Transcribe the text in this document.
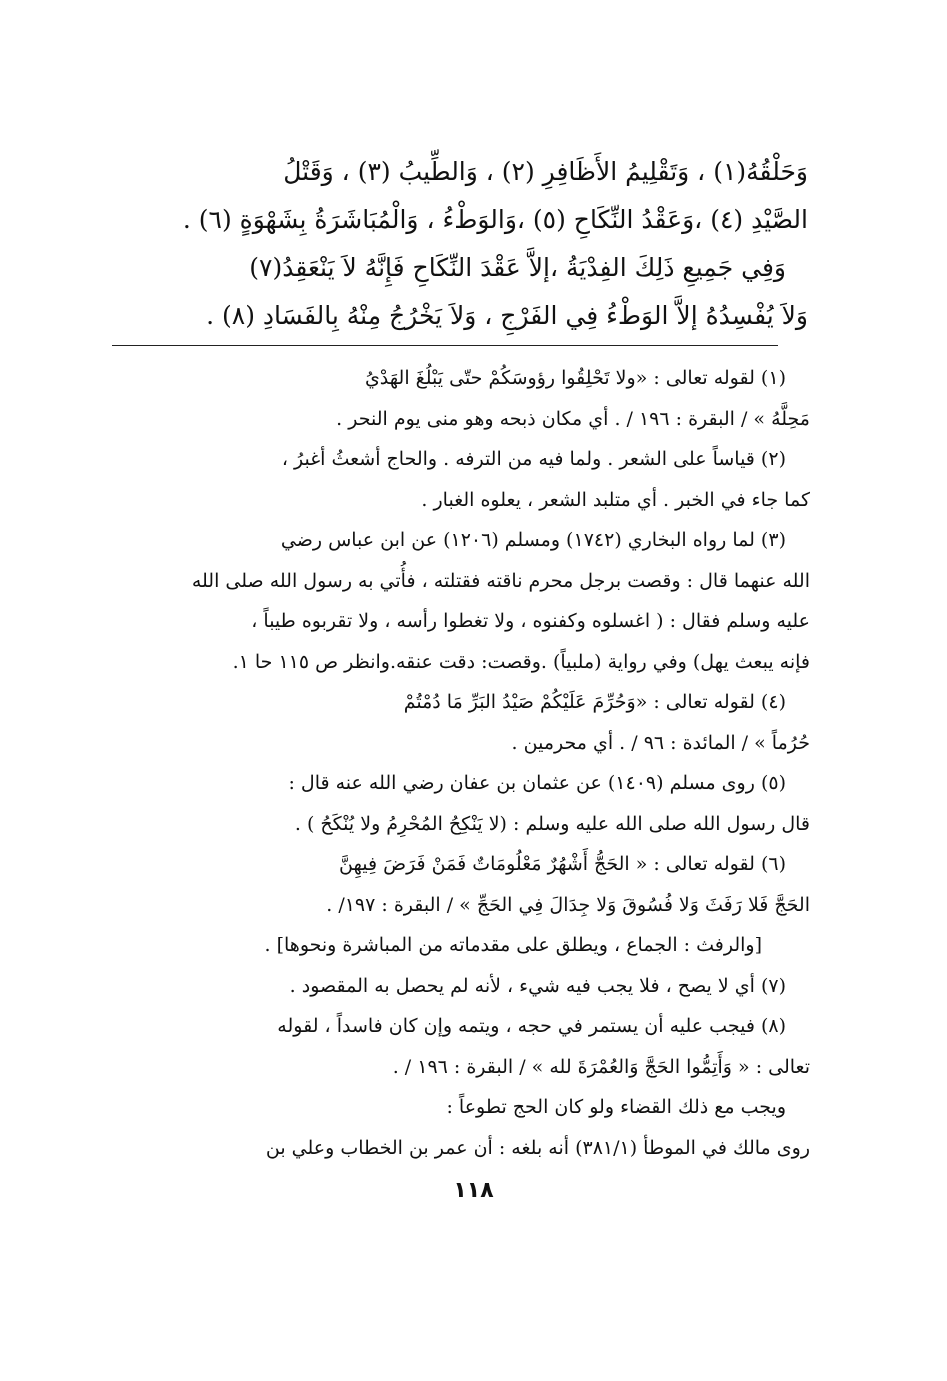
وَحَلْقُهُ(١) ، وَتَقْلِيمُ الأَظَافِرِ (٢) ، وَالطِّيبُ (٣) ، وَقَتْلُ
الصَّيْدِ (٤) ،وَعَقْدُ النِّكَاحِ (٥) ،وَالوَطْءُ ، وَالْمُبَاشَرَةُ بِشَهْوَةٍ (٦) .
وَفِي جَمِيعِ ذَلِكَ الفِدْيَةُ ،إلاَّ عَقْدَ النِّكَاحِ فَإِنَّهُ لاَ يَنْعَقِدُ(٧)
وَلاَ يُفْسِدُهُ إلاَّ الوَطْءُ فِي الفَرْجِ ، وَلاَ يَخْرُجُ مِنْهُ بِالفَسَادِ (٨) .
(١) لقوله تعالى : «ولا تَحْلِقُوا رؤوسَكُمْ حتّى يَبْلُغَ الهَدْيُ
مَحِلَّهُ » / البقرة : ١٩٦ / . أي مكان ذبحه وهو منى يوم النحر .
(٢) قياساً على الشعر . ولما فيه من الترفه . والحاج أشعثُ أغبرُ ،
كما جاء في الخبر . أي متلبد الشعر ، يعلوه الغبار .
(٣) لما رواه البخاري (١٧٤٢) ومسلم (١٢٠٦) عن ابن عباس رضي
الله عنهما قال : وقصت برجل محرم ناقته فقتلته ، فأُتي به رسول الله صلى الله
عليه وسلم فقال : ( اغسلوه وكفنوه ، ولا تغطوا رأسه ، ولا تقربوه طيباً ،
فإنه يبعث يهل) وفي رواية (ملبياً) .وقصت: دقت عنقه.وانظر ص ١١٥ حا ١.
(٤) لقوله تعالى : «وَحُرِّمَ عَلَيْكُمْ صَيْدُ البَرِّ مَا دُمْتُمْ
حُرُماً » / المائدة : ٩٦ / . أي محرمين .
(٥) روى مسلم (١٤٠٩) عن عثمان بن عفان رضي الله عنه قال :
قال رسول الله صلى الله عليه وسلم : (لا يَنْكِحُ المُحْرِمُ ولا يُنْكَحُ ) .
(٦) لقوله تعالى : « الحَجُّ أَشْهُرٌ مَعْلُومَاتٌ فَمَنْ فَرَضَ فِيهِنَّ
الحَجَّ فَلا رَفَثَ وَلا فُسُوقَ وَلا جِدَالَ فِي الحَجِّ » / البقرة : ١٩٧/ .
[والرفث : الجماع ، ويطلق على مقدماته من المباشرة ونحوها] .
(٧) أي لا يصح ، فلا يجب فيه شيء ، لأنه لم يحصل به المقصود .
(٨) فيجب عليه أن يستمر في حجه ، ويتمه وإن كان فاسداً ، لقوله
تعالى : « وَأَتِمُّوا الحَجَّ وَالعُمْرَةَ لله » / البقرة : ١٩٦ / .
ويجب مع ذلك القضاء ولو كان الحج تطوعاً :
روى مالك في الموطأ (٣٨١/١) أنه بلغه : أن عمر بن الخطاب وعلي بن
١١٨
